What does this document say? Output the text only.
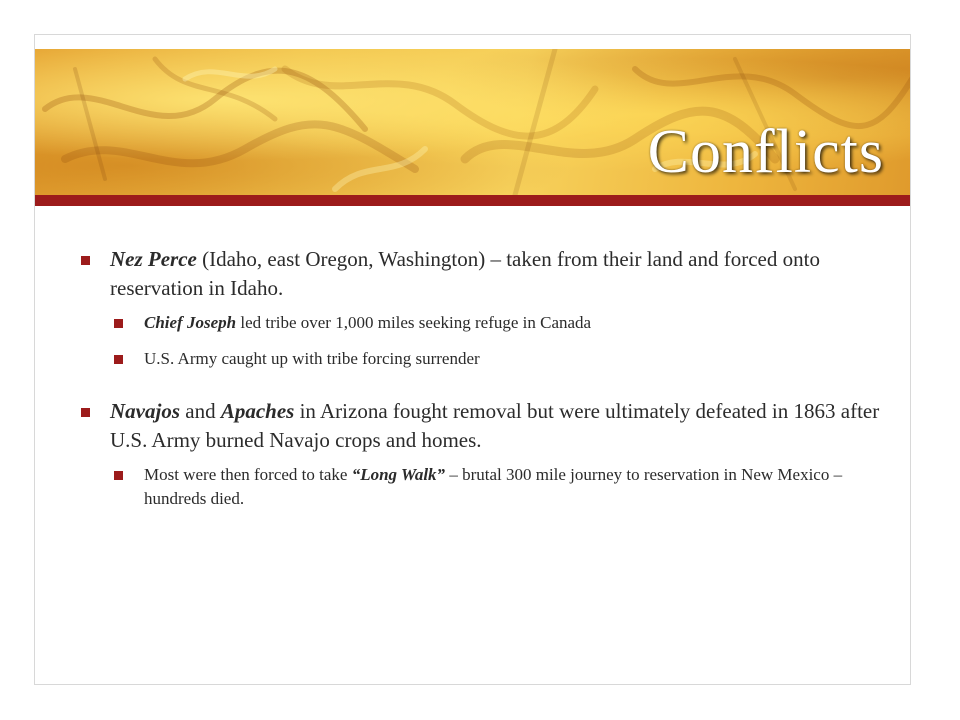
Conflicts
Nez Perce (Idaho, east Oregon, Washington) – taken from their land and forced onto reservation in Idaho.
Chief Joseph led tribe over 1,000 miles seeking refuge in Canada
U.S. Army caught up with tribe forcing surrender
Navajos and Apaches in Arizona fought removal but were ultimately defeated in 1863 after U.S. Army burned Navajo crops and homes.
Most were then forced to take “Long Walk” – brutal 300 mile journey to reservation in New Mexico – hundreds died.
